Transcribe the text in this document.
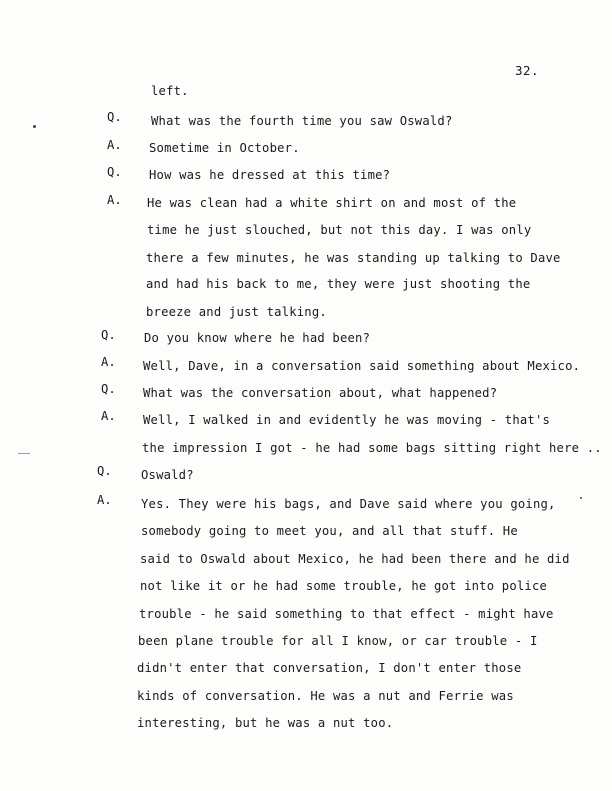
32.
Q.
A.
Q.
A.
Q.
A.
Q.
A.
Q.
A.
left.
What was the fourth time you saw Oswald?
Sometime in October.
How was he dressed at this time?
He was clean had a white shirt on and most of the
time he just slouched, but not this day. I was only
there a few minutes, he was standing up talking to Dave
and had his back to me, they were just shooting the
breeze and just talking.
Do you know where he had been?
Well, Dave, in a conversation said something about Mexico.
What was the conversation about, what happened?
Well, I walked in and evidently he was moving - that's
the impression I got - he had some bags sitting right here ..
Oswald?
Yes. They were his bags, and Dave said where you going,
somebody going to meet you, and all that stuff. He
said to Oswald about Mexico, he had been there and he did
not like it or he had some trouble, he got into police
trouble - he said something to that effect - might have
been plane trouble for all I know, or car trouble - I
didn't enter that conversation, I don't enter those
kinds of conversation. He was a nut and Ferrie was
interesting, but he was a nut too.
